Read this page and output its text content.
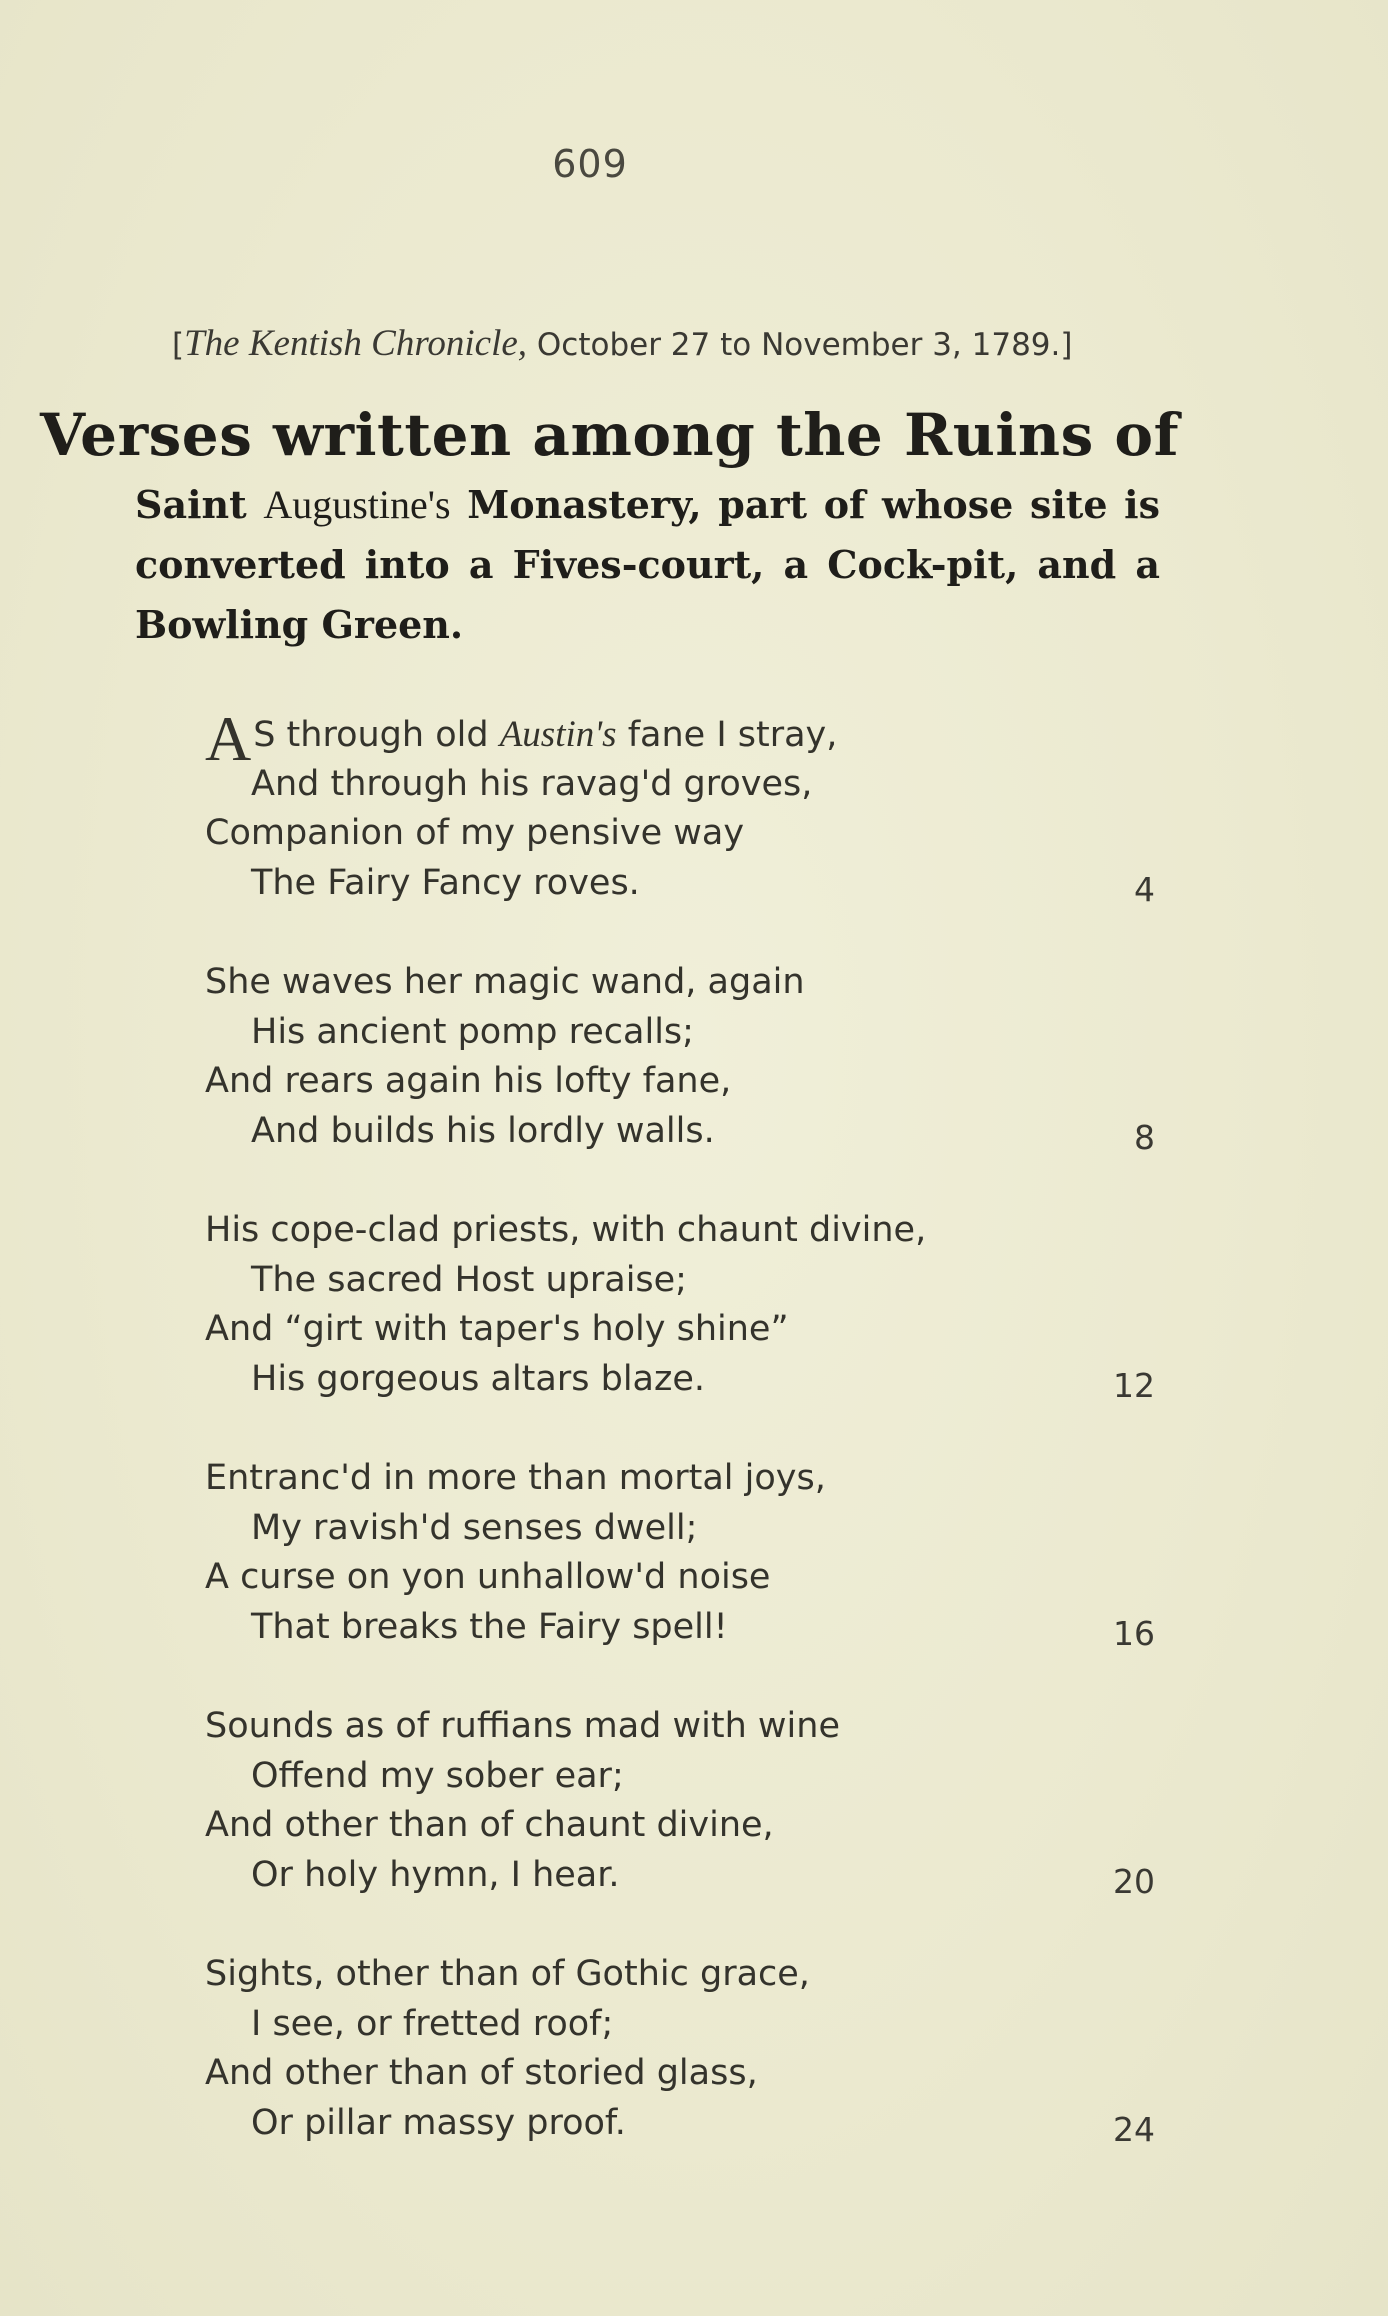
609
[The Kentish Chronicle, October 27 to November 3, 1789.]
Verses written among the Ruins of
Saint Augustine's Monastery, part of whose site is converted into a Fives-court, a Cock-pit, and a Bowling Green.
AS through old Austin's fane I stray,
And through his ravag'd groves,
Companion of my pensive way
The Fairy Fancy roves.	4
She waves her magic wand, again
His ancient pomp recalls;
And rears again his lofty fane,
And builds his lordly walls.	8
His cope-clad priests, with chaunt divine,
The sacred Host upraise;
And “girt with taper's holy shine”
His gorgeous altars blaze.	12
Entranc'd in more than mortal joys,
My ravish'd senses dwell;
A curse on yon unhallow'd noise
That breaks the Fairy spell!	16
Sounds as of ruffians mad with wine
Offend my sober ear;
And other than of chaunt divine,
Or holy hymn, I hear.	20
Sights, other than of Gothic grace,
I see, or fretted roof;
And other than of storied glass,
Or pillar massy proof.	24
